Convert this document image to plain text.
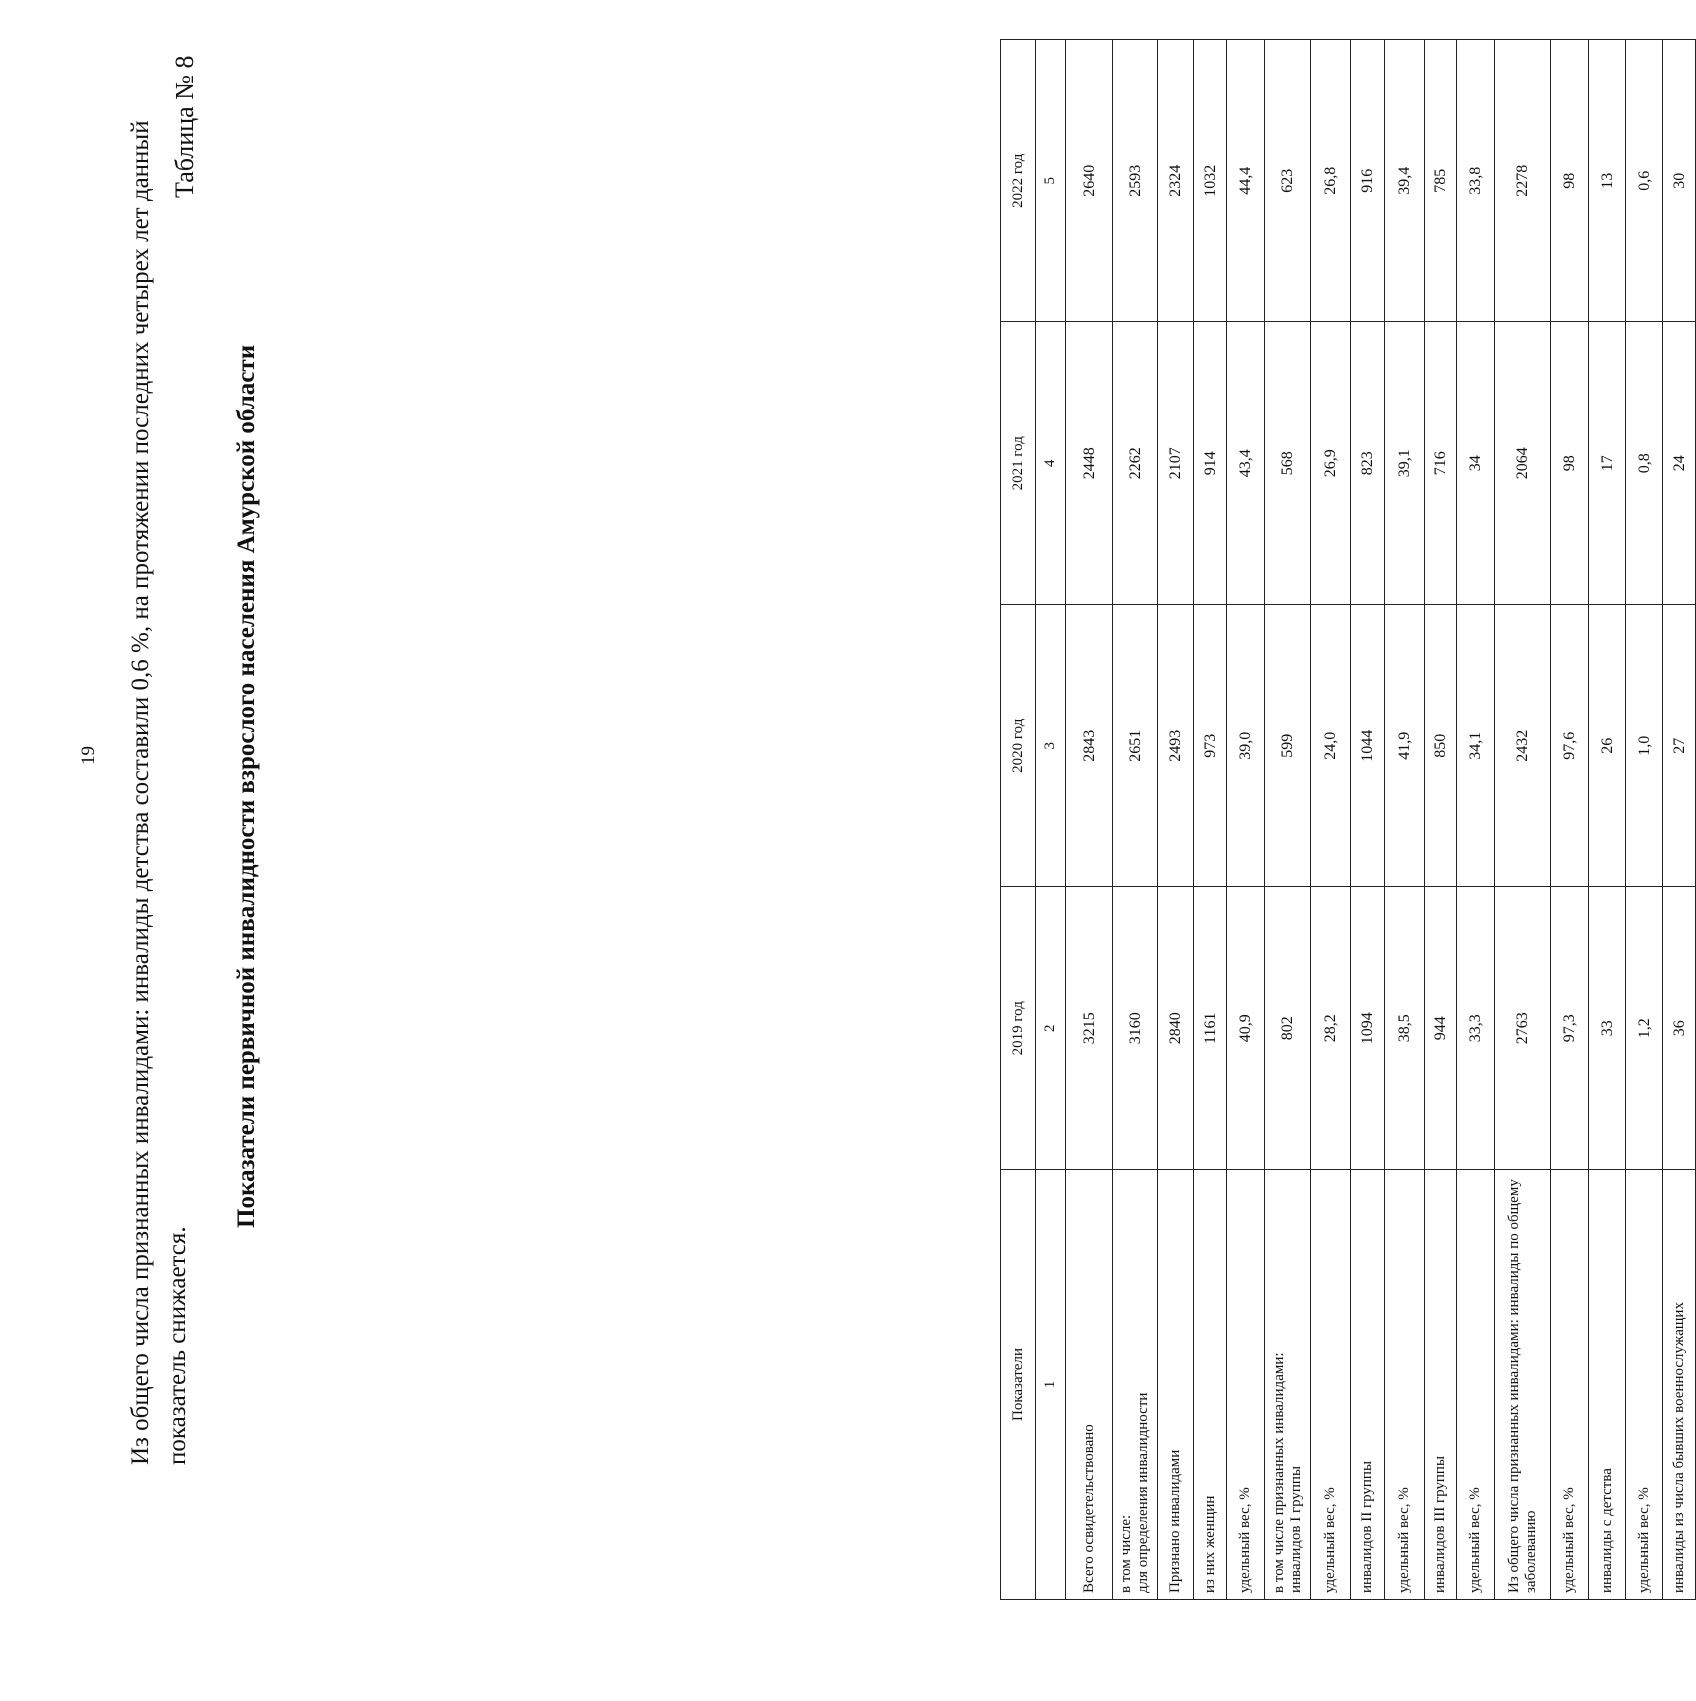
19 Из общего числа признанных инвалидами: инвалиды детства составили 0,6 %, на протяжении последних четырех лет данный показатель снижается.
Таблица № 8
Показатели первичной инвалидности взрослого населения Амурской области
Показатели	2019 год	2020 год	2021 год	2022 год
1	2	3	4	5
Всего освидетельствовано	3215	2843	2448	2640
в том числе:
для определения инвалидности	3160	2651	2262	2593
Признано инвалидами	2840	2493	2107	2324
из них женщин	1161	973	914	1032
удельный вес, %	40,9	39,0	43,4	44,4
в том числе признанных инвалидами:
инвалидов I группы	802	599	568	623
удельный вес, %	28,2	24,0	26,9	26,8
инвалидов II группы	1094	1044	823	916
удельный вес, %	38,5	41,9	39,1	39,4
инвалидов III группы	944	850	716	785
удельный вес, %	33,3	34,1	34	33,8
Из общего числа признанных инвалидами: инвалиды по общему заболеванию	2763	2432	2064	2278
удельный вес, %	97,3	97,6	98	98
инвалиды с детства	33	26	17	13
удельный вес, %	1,2	1,0	0,8	0,6
инвалиды из числа бывших военнослужащих	36	27	24	30
